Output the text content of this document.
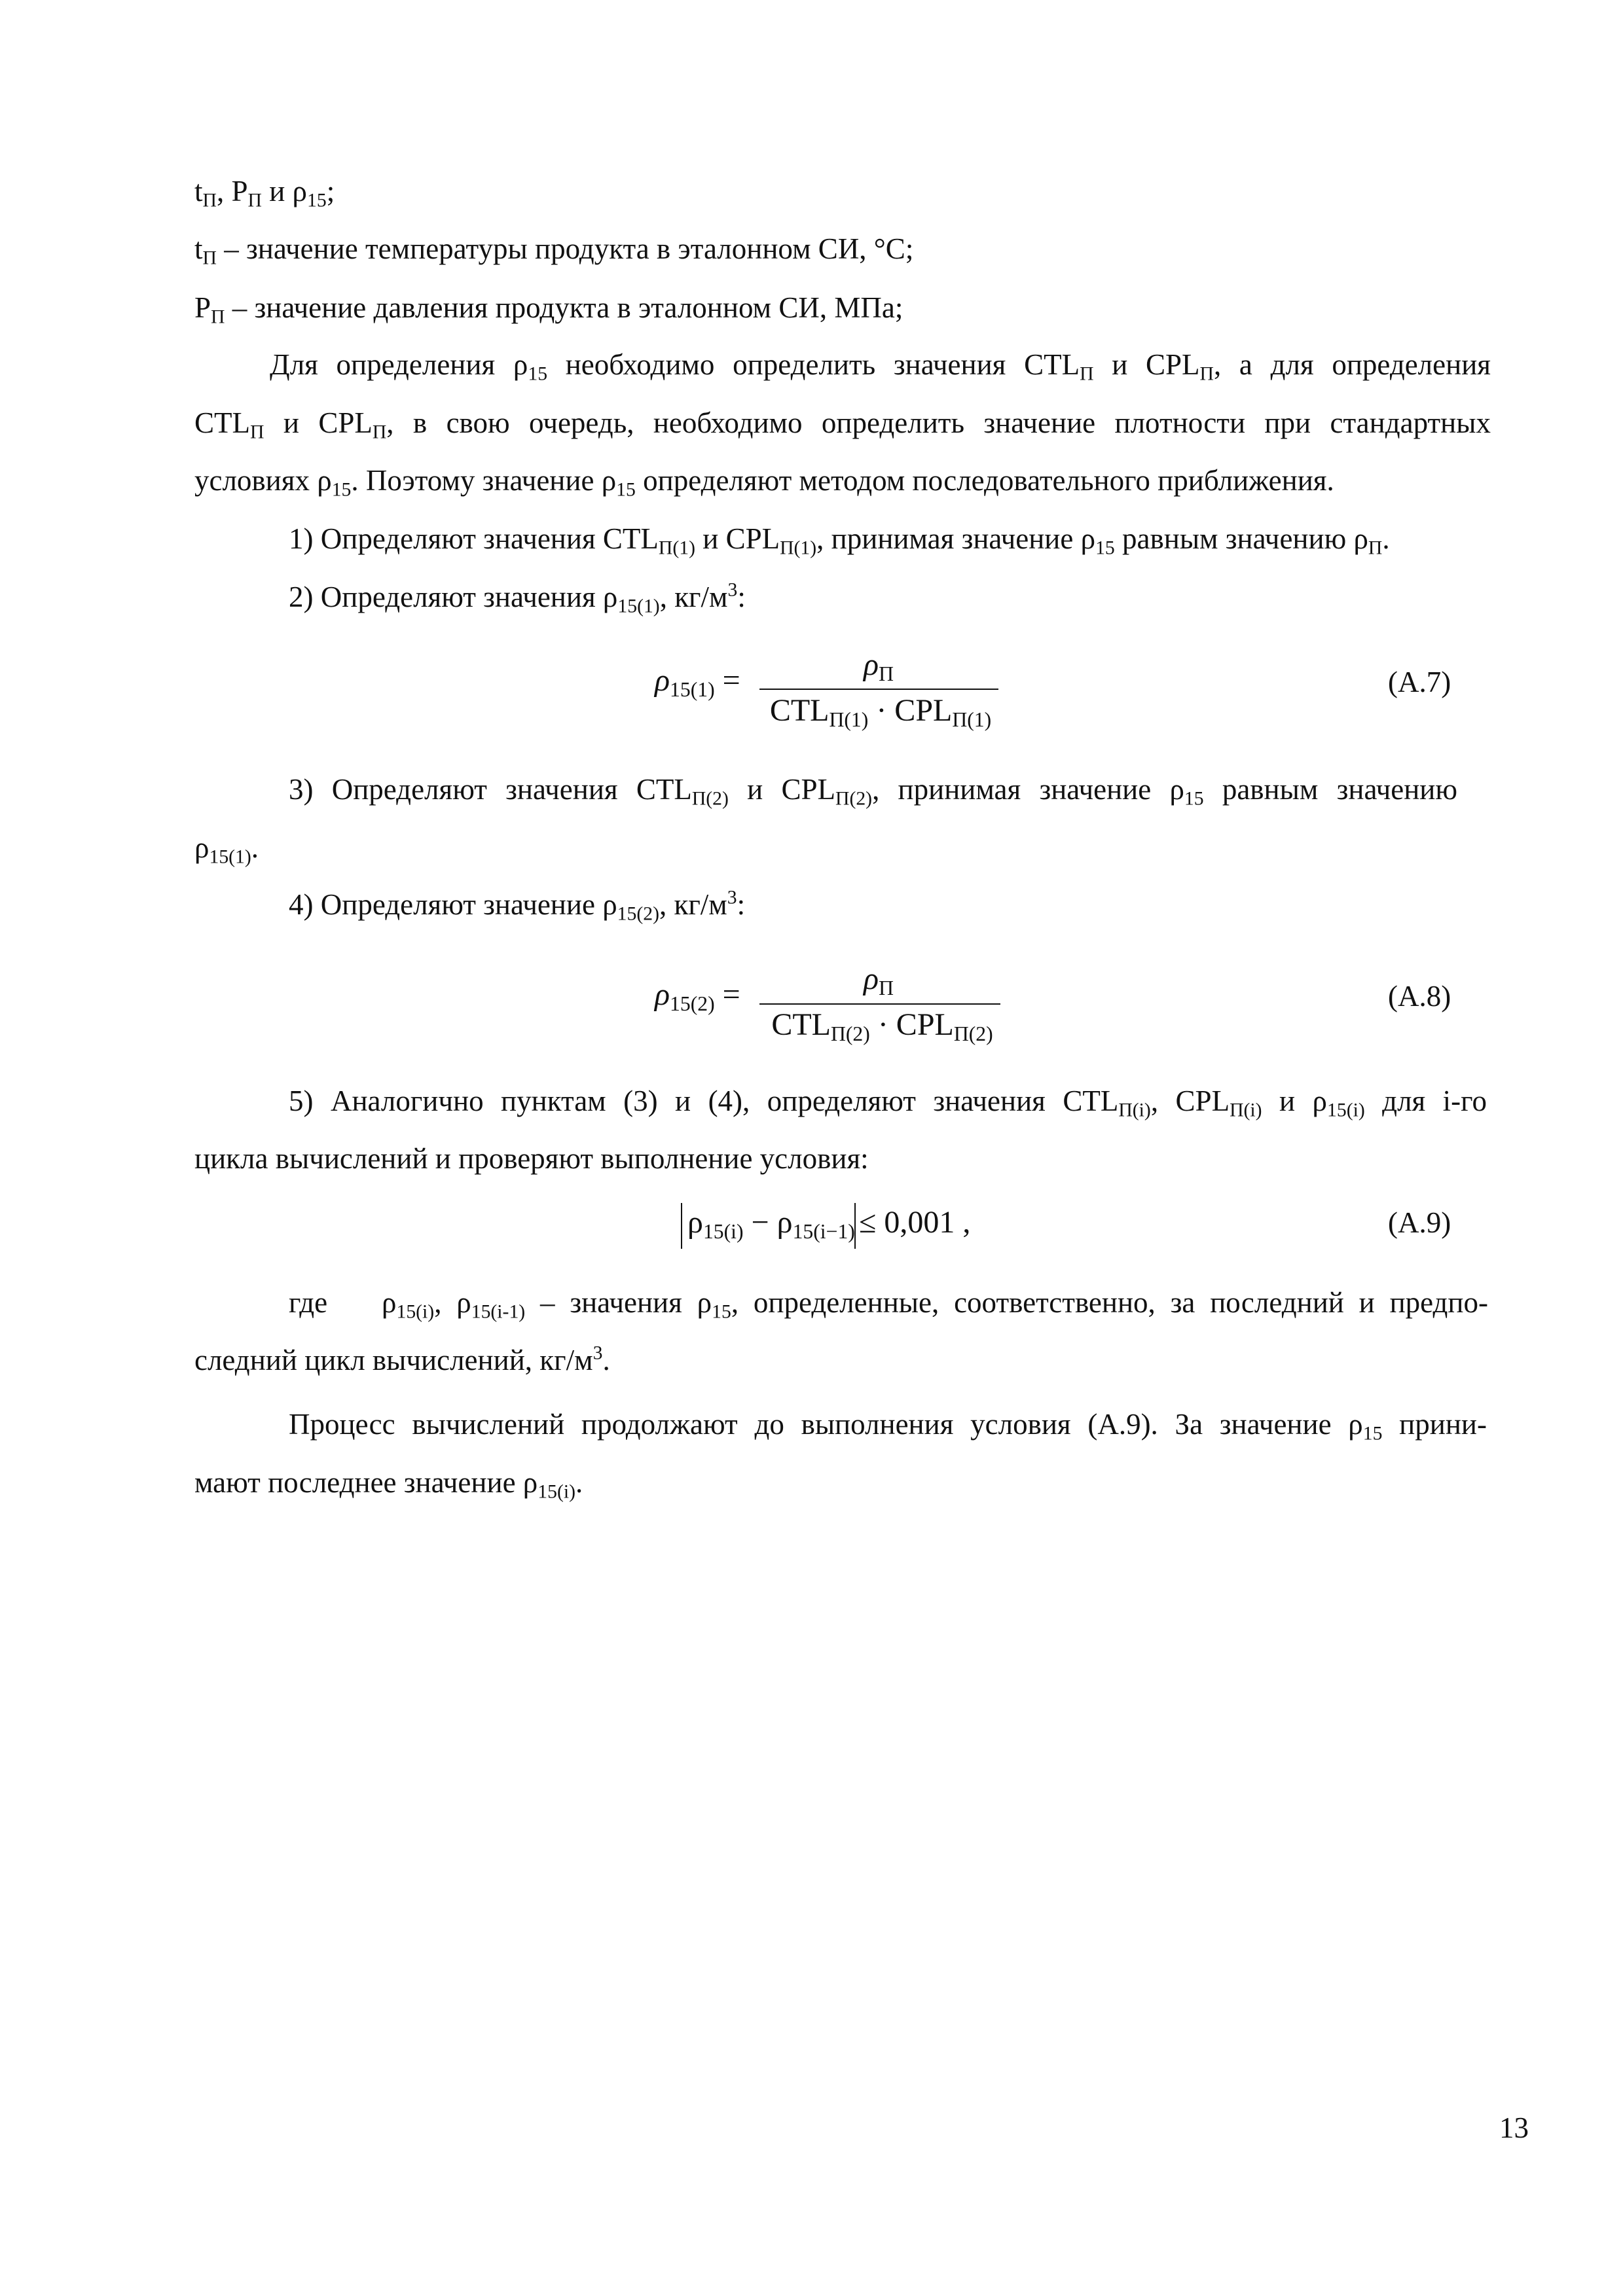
$t_П$, $P_П$ и $\rho_{15}$;
$t_П$ – значение температуры продукта в эталонном СИ, °С;
$P_П$ – значение давления продукта в эталонном СИ, МПа;
Для определения $\rho_{15}$ необходимо определить значения $CTL_П$ и $CPL_П$, а для определения
$CTL_П$ и $CPL_П$, в свою очередь, необходимо определить значение плотности при стандартных
условиях $\rho_{15}$. Поэтому значение $\rho_{15}$ определяют методом последовательного приближения.
1) Определяют значения $CTL_{П(1)}$ и $CPL_{П(1)}$, принимая значение $\rho_{15}$ равным значению $\rho_П$.
2) Определяют значения $\rho_{15(1)}$, $кг/м^3$:
$\rho_{15(1)}$ =	$\rho_П$
$CTL_{П(1)} \cdot CPL_{П(1)}$
(А.7)
3) Определяют значения $CTL_{П(2)}$ и $CPL_{П(2)}$, принимая значение $\rho_{15}$ равным значению
$\rho_{15(1)}$.
4) Определяют значение $\rho_{15(2)}$, $кг/м^3$:
$\rho_{15(2)}$ =	$\rho_П$
$CTL_{П(2)} \cdot CPL_{П(2)}$
(А.8)
5) Аналогично пунктам (3) и (4), определяют значения $CTL_{П(i)}$, $CPL_{П(i)}$ и $\rho_{15(i)}$ для i-го
цикла вычислений и проверяют выполнение условия:
$\rho_{15(i)} - \rho_{15(i-1)} \le 0,001$ ,	(А.9)
где $\rho_{15(i)}$, $\rho_{15(i-1)}$ – значения $\rho_{15}$, определенные, соответственно, за последний и предпо-
следний цикл вычислений, $кг/м^3$.
Процесс вычислений продолжают до выполнения условия (А.9). За значение $\rho_{15}$ прини-
мают последнее значение $\rho_{15(i)}$.
13
